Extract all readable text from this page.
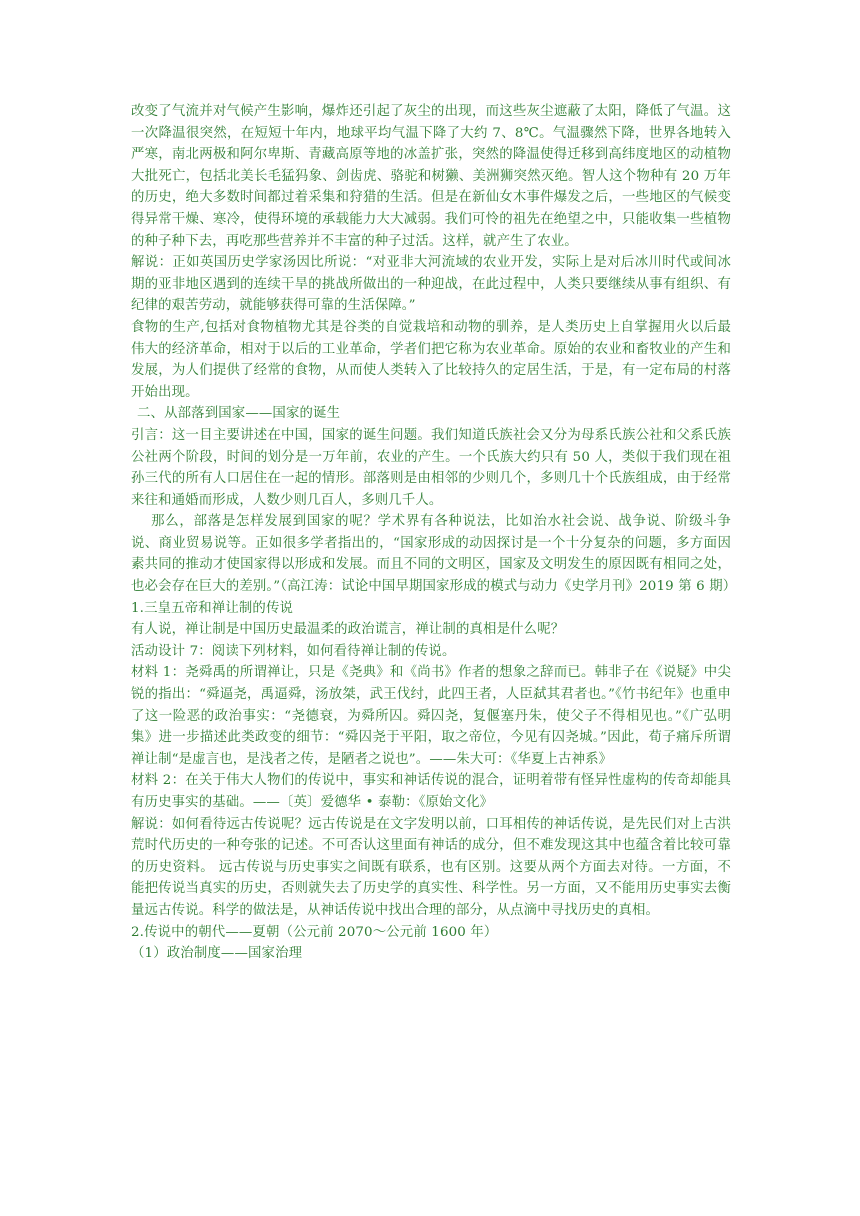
改变了气流并对气候产生影响，爆炸还引起了灰尘的出现，而这些灰尘遮蔽了太阳，降低了气温。这一次降温很突然，在短短十年内，地球平均气温下降了大约 7、8℃。气温骤然下降，世界各地转入严寒，南北两极和阿尔卑斯、青藏高原等地的冰盖扩张，突然的降温使得迁移到高纬度地区的动植物大批死亡，包括北美长毛猛犸象、剑齿虎、骆驼和树獭、美洲狮突然灭绝。智人这个物种有 20 万年的历史，绝大多数时间都过着采集和狩猎的生活。但是在新仙女木事件爆发之后，一些地区的气候变得异常干燥、寒冷，使得环境的承载能力大大减弱。我们可怜的祖先在绝望之中，只能收集一些植物的种子种下去，再吃那些营养并不丰富的种子过活。这样，就产生了农业。

解说：正如英国历史学家汤因比所说：“对亚非大河流域的农业开发，实际上是对后冰川时代或间冰期的亚非地区遇到的连续干旱的挑战所做出的一种迎战，在此过程中，人类只要继续从事有组织、有纪律的艰苦劳动，就能够获得可靠的生活保障。”

食物的生产,包括对食物植物尤其是谷类的自觉栽培和动物的驯养，是人类历史上自掌握用火以后最伟大的经济革命，相对于以后的工业革命，学者们把它称为农业革命。原始的农业和畜牧业的产生和发展，为人们提供了经常的食物，从而使人类转入了比较持久的定居生活，于是，有一定布局的村落开始出现。

二、从部落到国家——国家的诞生

引言：这一目主要讲述在中国，国家的诞生问题。我们知道氏族社会又分为母系氏族公社和父系氏族公社两个阶段，时间的划分是一万年前，农业的产生。一个氏族大约只有 50 人，类似于我们现在祖孙三代的所有人口居住在一起的情形。部落则是由相邻的少则几个，多则几十个氏族组成，由于经常来往和通婚而形成，人数少则几百人，多则几千人。

那么，部落是怎样发展到国家的呢？学术界有各种说法，比如治水社会说、战争说、阶级斗争说、商业贸易说等。正如很多学者指出的，“国家形成的动因探讨是一个十分复杂的问题，多方面因素共同的推动才使国家得以形成和发展。而且不同的文明区，国家及文明发生的原因既有相同之处，也必会存在巨大的差别。”（高江涛：试论中国早期国家形成的模式与动力《史学月刊》2019 第 6 期）

1.三皇五帝和禅让制的传说

有人说，禅让制是中国历史最温柔的政治谎言，禅让制的真相是什么呢？

活动设计 7：阅读下列材料，如何看待禅让制的传说。

材料 1：尧舜禹的所谓禅让，只是《尧典》和《尚书》作者的想象之辞而已。韩非子在《说疑》中尖锐的指出：“舜逼尧，禹逼舜，汤放桀，武王伐纣，此四王者，人臣弑其君者也。”《竹书纪年》也重申了这一险恶的政治事实：“尧德衰，为舜所囚。舜囚尧，复偃塞丹朱，使父子不得相见也。”《广弘明集》进一步描述此类政变的细节：“舜囚尧于平阳，取之帝位，今见有囚尧城。”因此，荀子痛斥所谓禅让制“是虚言也，是浅者之传，是陋者之说也”。——朱大可：《华夏上古神系》

材料 2：在关于伟大人物们的传说中，事实和神话传说的混合，证明着带有怪异性虚构的传奇却能具有历史事实的基础。——〔英〕爱德华 • 泰勒：《原始文化》

解说：如何看待远古传说呢？远古传说是在文字发明以前，口耳相传的神话传说，是先民们对上古洪荒时代历史的一种夸张的记述。不可否认这里面有神话的成分，但不难发现这其中也蕴含着比较可靠的历史资料。 远古传说与历史事实之间既有联系，也有区别。这要从两个方面去对待。一方面，不能把传说当真实的历史，否则就失去了历史学的真实性、科学性。另一方面，又不能用历史事实去衡量远古传说。科学的做法是，从神话传说中找出合理的部分，从点滴中寻找历史的真相。

2.传说中的朝代——夏朝（公元前 2070～公元前 1600 年）

（1）政治制度——国家治理
